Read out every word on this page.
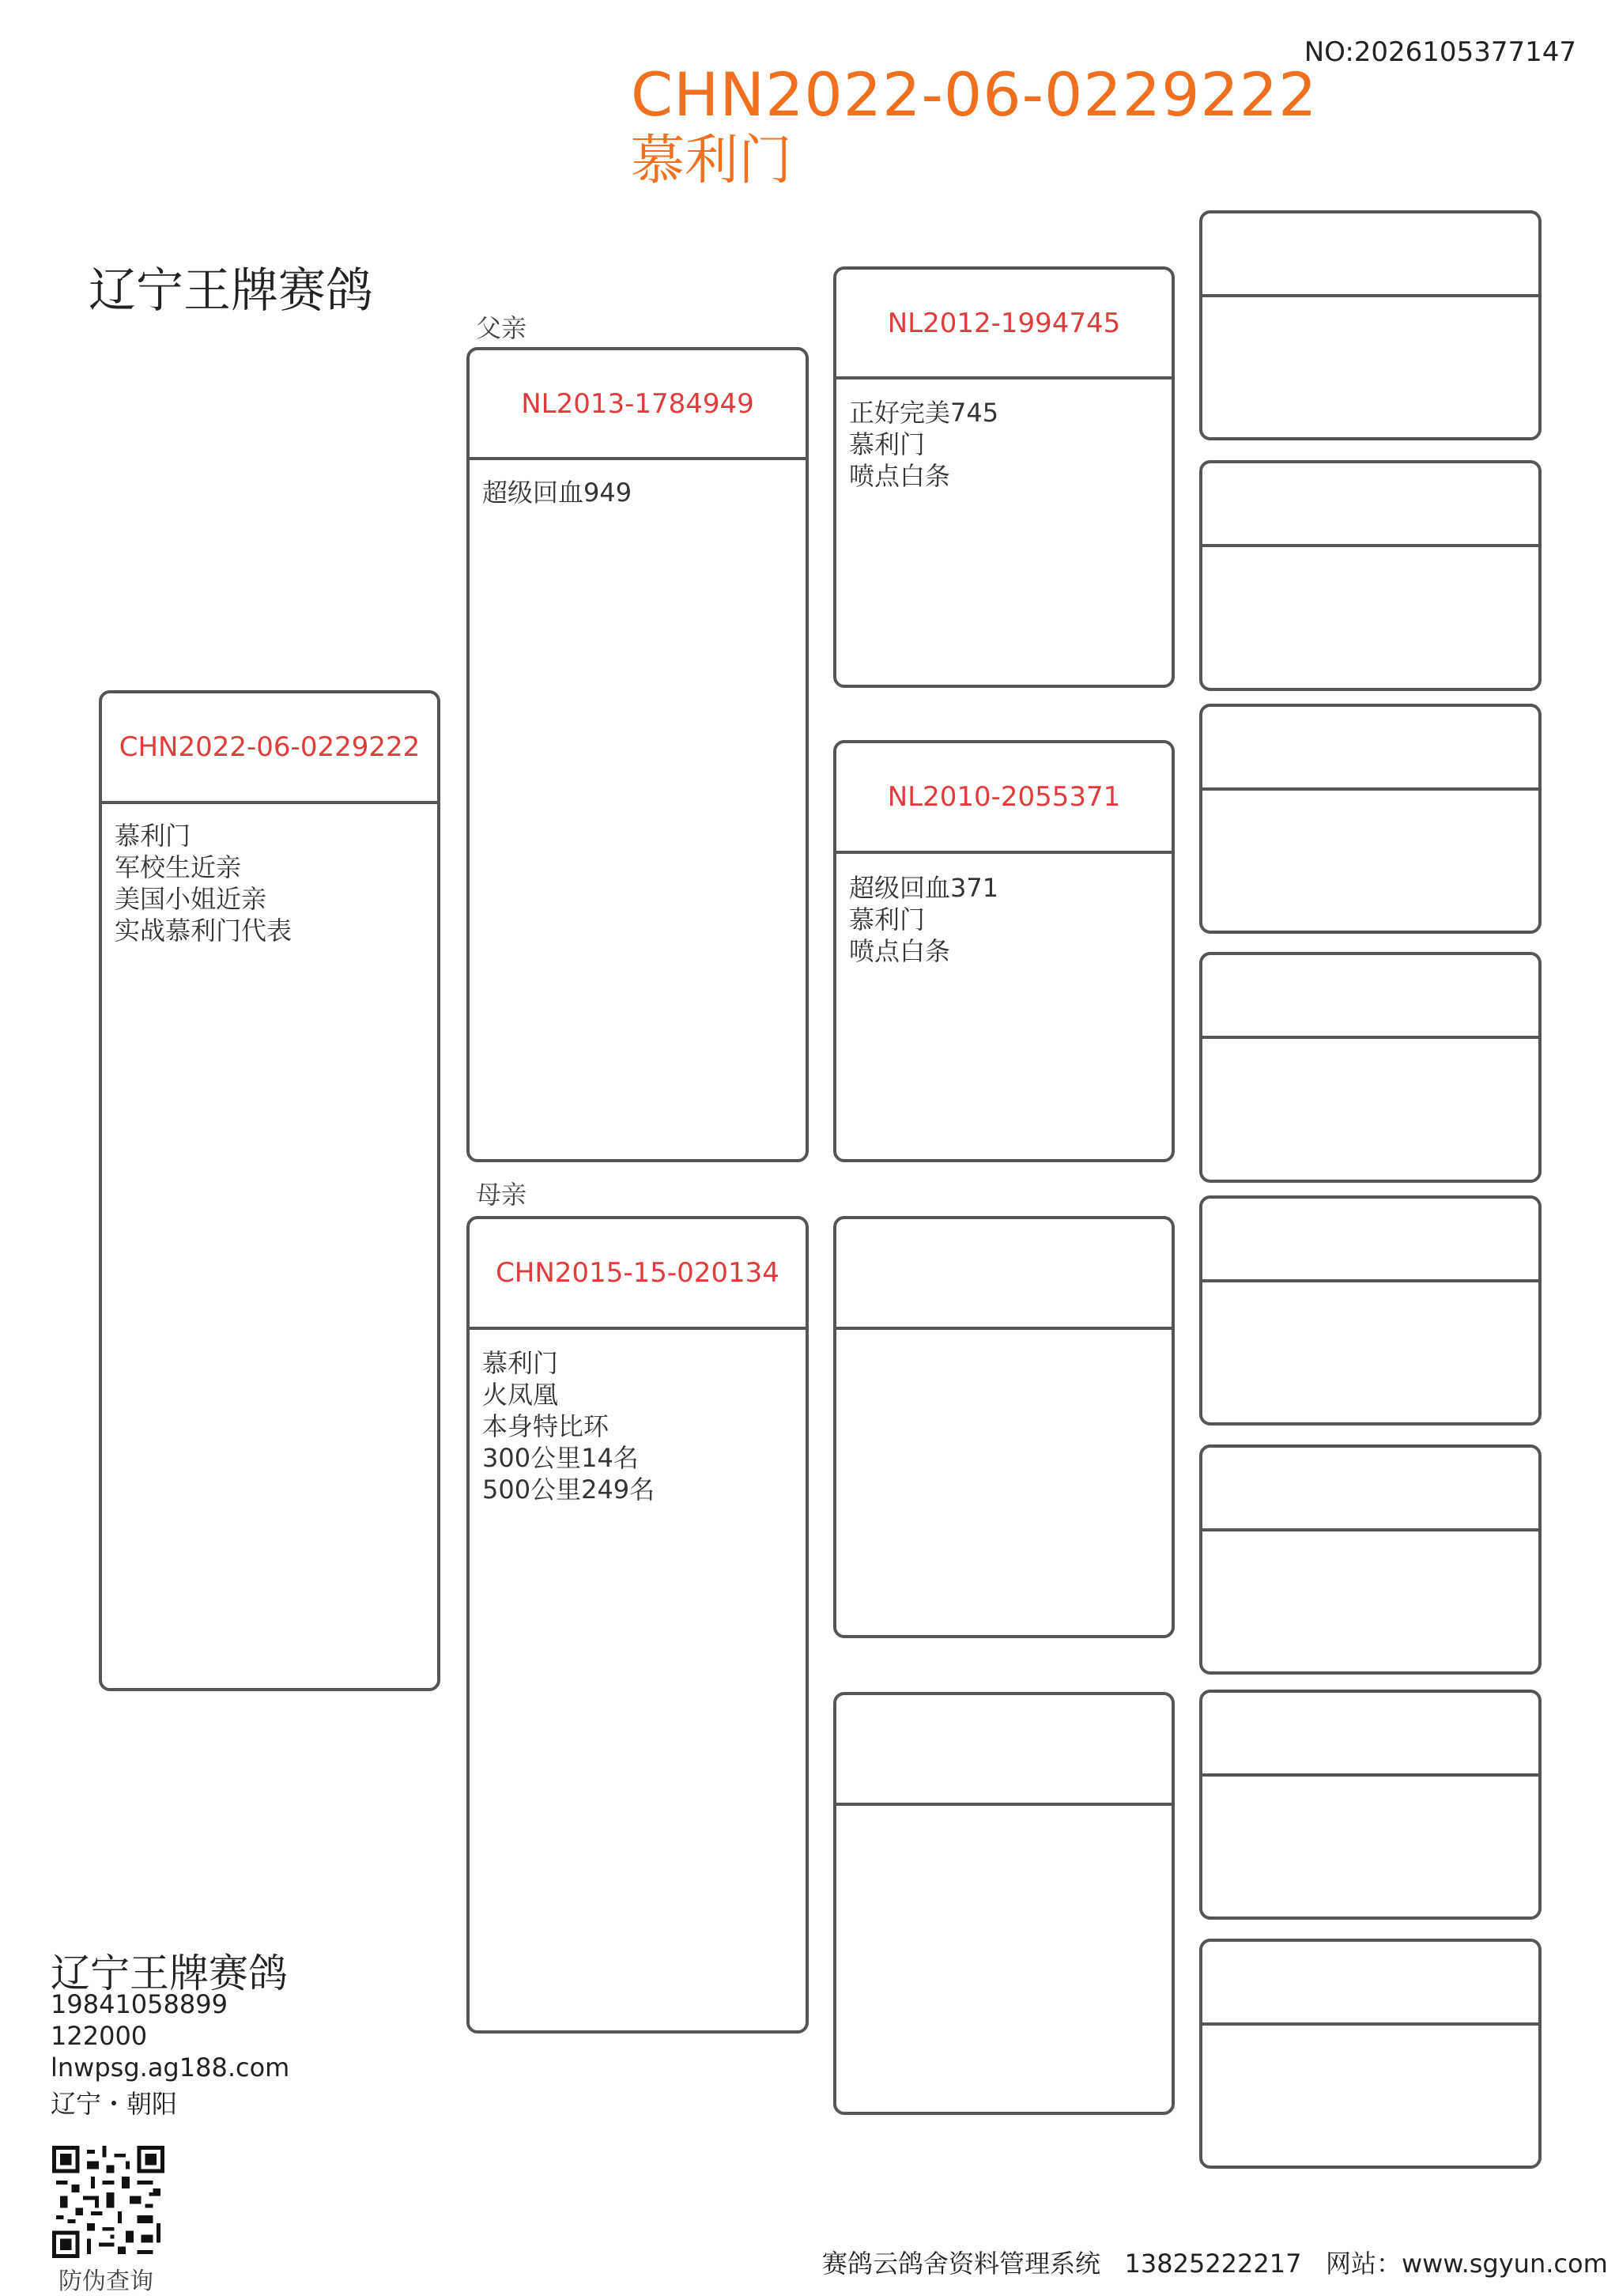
NO:2026105377147
CHN2022-06-0229222
慕利门
辽宁王牌赛鸽
父亲
母亲
CHN2022-06-0229222
慕利门
军校生近亲
美国小姐近亲
实战慕利门代表
NL2013-1784949
超级回血949
CHN2015-15-020134
慕利门
火凤凰
本身特比环
300公里14名
500公里249名
NL2012-1994745
正好完美745
慕利门
喷点白条
NL2010-2055371
超级回血371
慕利门
喷点白条
辽宁王牌赛鸽
19841058899
122000
lnwpsg.ag188.com
辽宁・朝阳
防伪查询
赛鸽云鸽舍资料管理系统   13825222217   网站：www.sgyun.com
